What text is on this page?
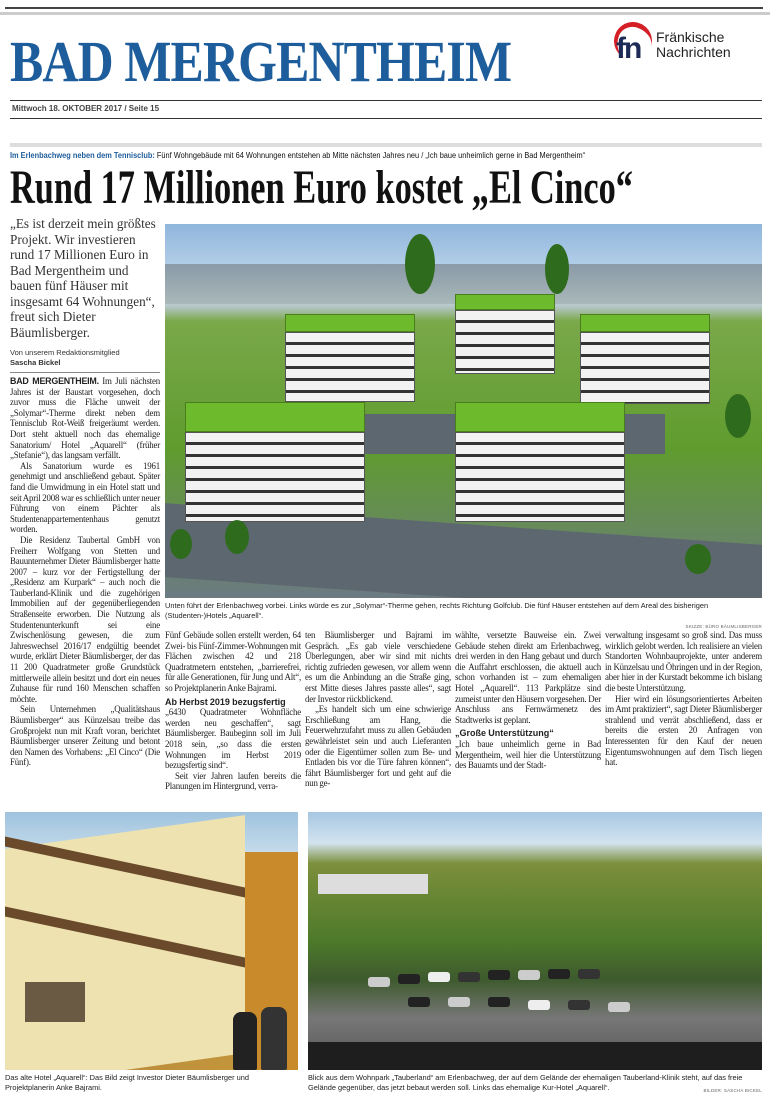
BAD MERGENTHEIM	fn Fränkische
Nachrichten
Mittwoch 18. OKTOBER 2017 / Seite 15
Im Erlenbachweg neben dem Tennisclub: Fünf Wohngebäude mit 64 Wohnungen entstehen ab Mitte nächsten Jahres neu / „Ich baue unheimlich gerne in Bad Mergentheim“
Rund 17 Millionen Euro kostet „El Cinco“
„Es ist derzeit mein größtes Projekt. Wir investieren rund 17 Millionen Euro in Bad Mergentheim und bauen fünf Häuser mit insgesamt 64 Wohnungen“, freut sich Dieter Bäumlisberger.
Von unserem Redaktionsmitglied
Sascha Bickel

BAD MERGENTHEIM. Im Juli nächsten Jahres ist der Baustart vorgesehen, doch zuvor muss die Fläche unweit der „Solymar“-Therme direkt neben dem Tennisclub Rot-Weiß freigeräumt werden. Dort steht aktuell noch das ehemalige Sanatorium/ Hotel „Aquarell“ (früher „Stefanie“), das langsam verfällt.

Als Sanatorium wurde es 1961 genehmigt und anschließend gebaut. Später fand die Umwidmung in ein Hotel statt und seit April 2008 war es schließlich unter neuer Führung von einem Pächter als Studentenappartementenhaus genutzt worden.

Die Residenz Taubertal GmbH von Freiherr Wolfgang von Stetten und Bauunternehmer Dieter Bäumlisberger hatte 2007 – kurz vor der Fertigstellung der „Residenz am Kurpark“ – auch noch die Tauberland-Klinik und die zugehörigen Immobilien auf der gegenüberliegenden Straßenseite erworben. Die Nutzung als Studentenunterkunft sei eine Zwischenlösung gewesen, die zum Jahreswechsel 2016/17 endgültig beendet wurde, erklärt Dieter Bäumlisberger, der das 11 200 Quadratmeter große Grundstück mittlerweile allein besitzt und dort ein neues Zuhause für rund 160 Menschen schaffen möchte.

Sein Unternehmen „Qualitätshaus Bäumlisberger“ aus Künzelsau treibe das Großprojekt nun mit Kraft voran, berichtet Bäumlisberger unserer Zeitung und betont den Namen des Vorhabens: „El Cinco“ (Die Fünf).

Unten führt der Erlenbachweg vorbei. Links würde es zur „Solymar“-Therme gehen, rechts Richtung Golfclub. Die fünf Häuser entstehen auf dem Areal des bisherigen (Studenten-)Hotels „Aquarell“.
SKIZZE: BÜRO BÄUMLISBERGER

Fünf Gebäude sollen erstellt werden, 64 Zwei- bis Fünf-Zimmer-Wohnungen mit Flächen zwischen 42 und 218 Quadratmetern entstehen, „barrierefrei, für alle Generationen, für Jung und Alt“, so Projektplanerin Anke Bajrami.

Ab Herbst 2019 bezugsfertig

„6430 Quadratmeter Wohnfläche werden neu geschaffen“, sagt Bäumlisberger. Baubeginn soll im Juli 2018 sein, „so dass die ersten Wohnungen im Herbst 2019 bezugsfertig sind“.

Seit vier Jahren laufen bereits die Planungen im Hintergrund, verra-

ten Bäumlisberger und Bajrami im Gespräch. „Es gab viele verschiedene Überlegungen, aber wir sind mit nichts richtig zufrieden gewesen, vor allem wenn es um die Anbindung an die Straße ging, erst Mitte dieses Jahres passte alles“, sagt der Investor rückblickend.

„Es handelt sich um eine schwierige Erschließung am Hang, die Feuerwehrzufahrt muss zu allen Gebäuden gewährleistet sein und auch Lieferanten oder die Eigentümer sollen zum Be- und Entladen bis vor die Türe fahren können“, fährt Bäumlisberger fort und geht auf die nun ge-

wählte, versetzte Bauweise ein. Zwei Gebäude stehen direkt am Erlenbachweg, drei werden in den Hang gebaut und durch die Auffahrt erschlossen, die aktuell auch schon vorhanden ist – zum ehemaligen Hotel „Aquarell“. 113 Parkplätze sind zumeist unter den Häusern vorgesehen. Der Anschluss ans Fernwärmenetz des Stadtwerks ist geplant.

„Große Unterstützung“

„Ich baue unheimlich gerne in Bad Mergentheim, weil hier die Unterstützung des Bauamts und der Stadt-

verwaltung insgesamt so groß sind. Das muss wirklich gelobt werden. Ich realisiere an vielen Standorten Wohnbauprojekte, unter anderem in Künzelsau und Öhringen und in der Region, aber hier in der Kurstadt bekomme ich bislang die beste Unterstützung.

Hier wird ein lösungsorientiertes Arbeiten im Amt praktiziert“, sagt Dieter Bäumlisberger strahlend und verrät abschließend, dass er bereits die ersten 20 Anfragen von Interessenten für den Kauf der neuen Eigentumswohnungen auf dem Tisch liegen hat.

Das alte Hotel „Aquarell“: Das Bild zeigt Investor Dieter Bäumlisberger und Projektplanerin Anke Bajrami.
Blick aus dem Wohnpark „Tauberland“ am Erlenbachweg, der auf dem Gelände der ehemaligen Tauberland-Klinik steht, auf das freie Gelände gegenüber, das jetzt bebaut werden soll. Links das ehemalige Kur-Hotel „Aquarell“.	BILDER: SASCHA BICKEL
